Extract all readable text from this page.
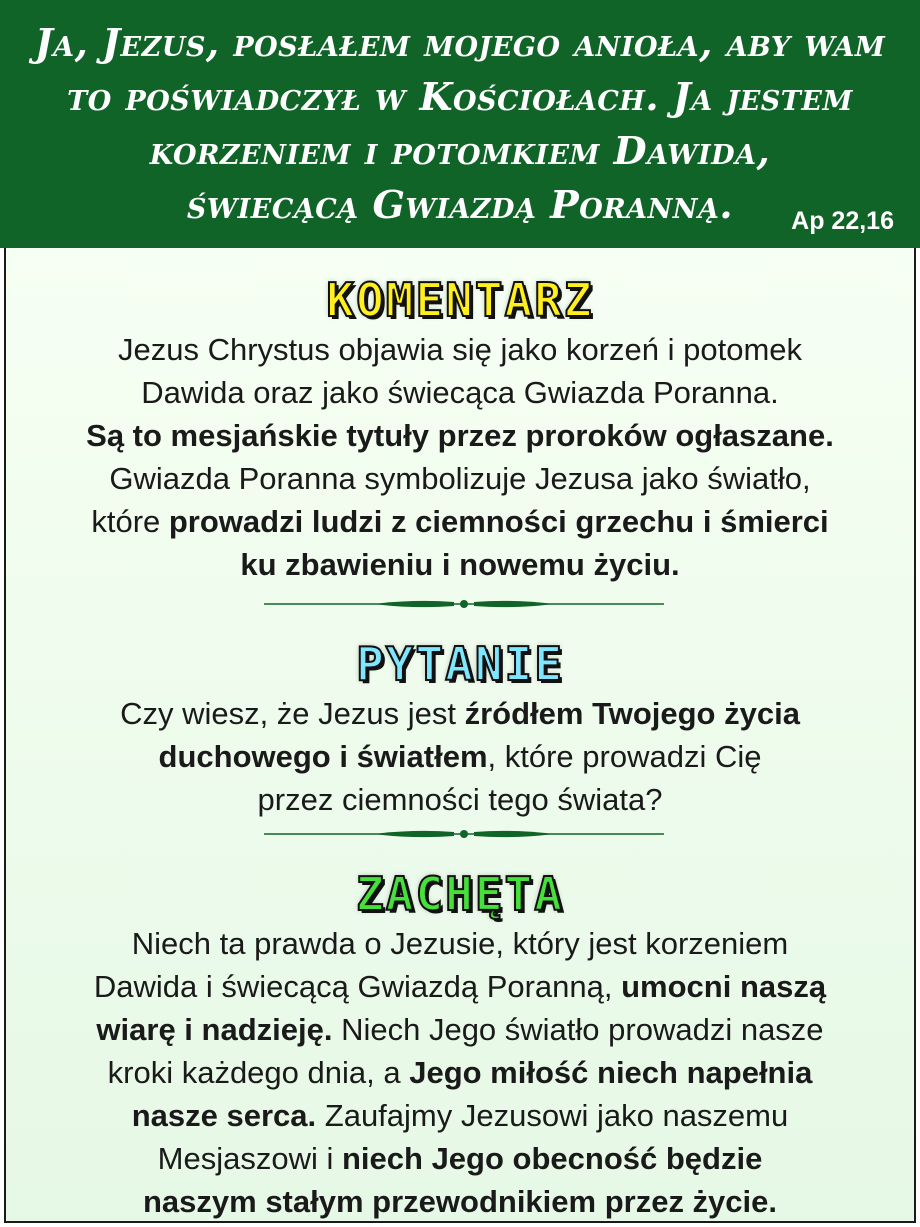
Ja, Jezus, posłałem mojego anioła, aby wam
to poświadczył w Kościołach. Ja jestem
korzeniem i potomkiem Dawida,
świecącą Gwiazdą Poranną.	Ap 22,16
KOMENTARZ

Jezus Chrystus objawia się jako korzeń i potomek
Dawida oraz jako świecąca Gwiazda Poranna.
Są to mesjańskie tytuły przez proroków ogłaszane.
Gwiazda Poranna symbolizuje Jezusa jako światło,
które prowadzi ludzi z ciemności grzechu i śmierci
ku zbawieniu i nowemu życiu.

PYTANIE

Czy wiesz, że Jezus jest źródłem Twojego życia
duchowego i światłem, które prowadzi Cię
przez ciemności tego świata?

ZACHĘTA

Niech ta prawda o Jezusie, który jest korzeniem
Dawida i świecącą Gwiazdą Poranną, umocni naszą
wiarę i nadzieję. Niech Jego światło prowadzi nasze
kroki każdego dnia, a Jego miłość niech napełnia
nasze serca. Zaufajmy Jezusowi jako naszemu
Mesjaszowi i niech Jego obecność będzie
naszym stałym przewodnikiem przez życie.
